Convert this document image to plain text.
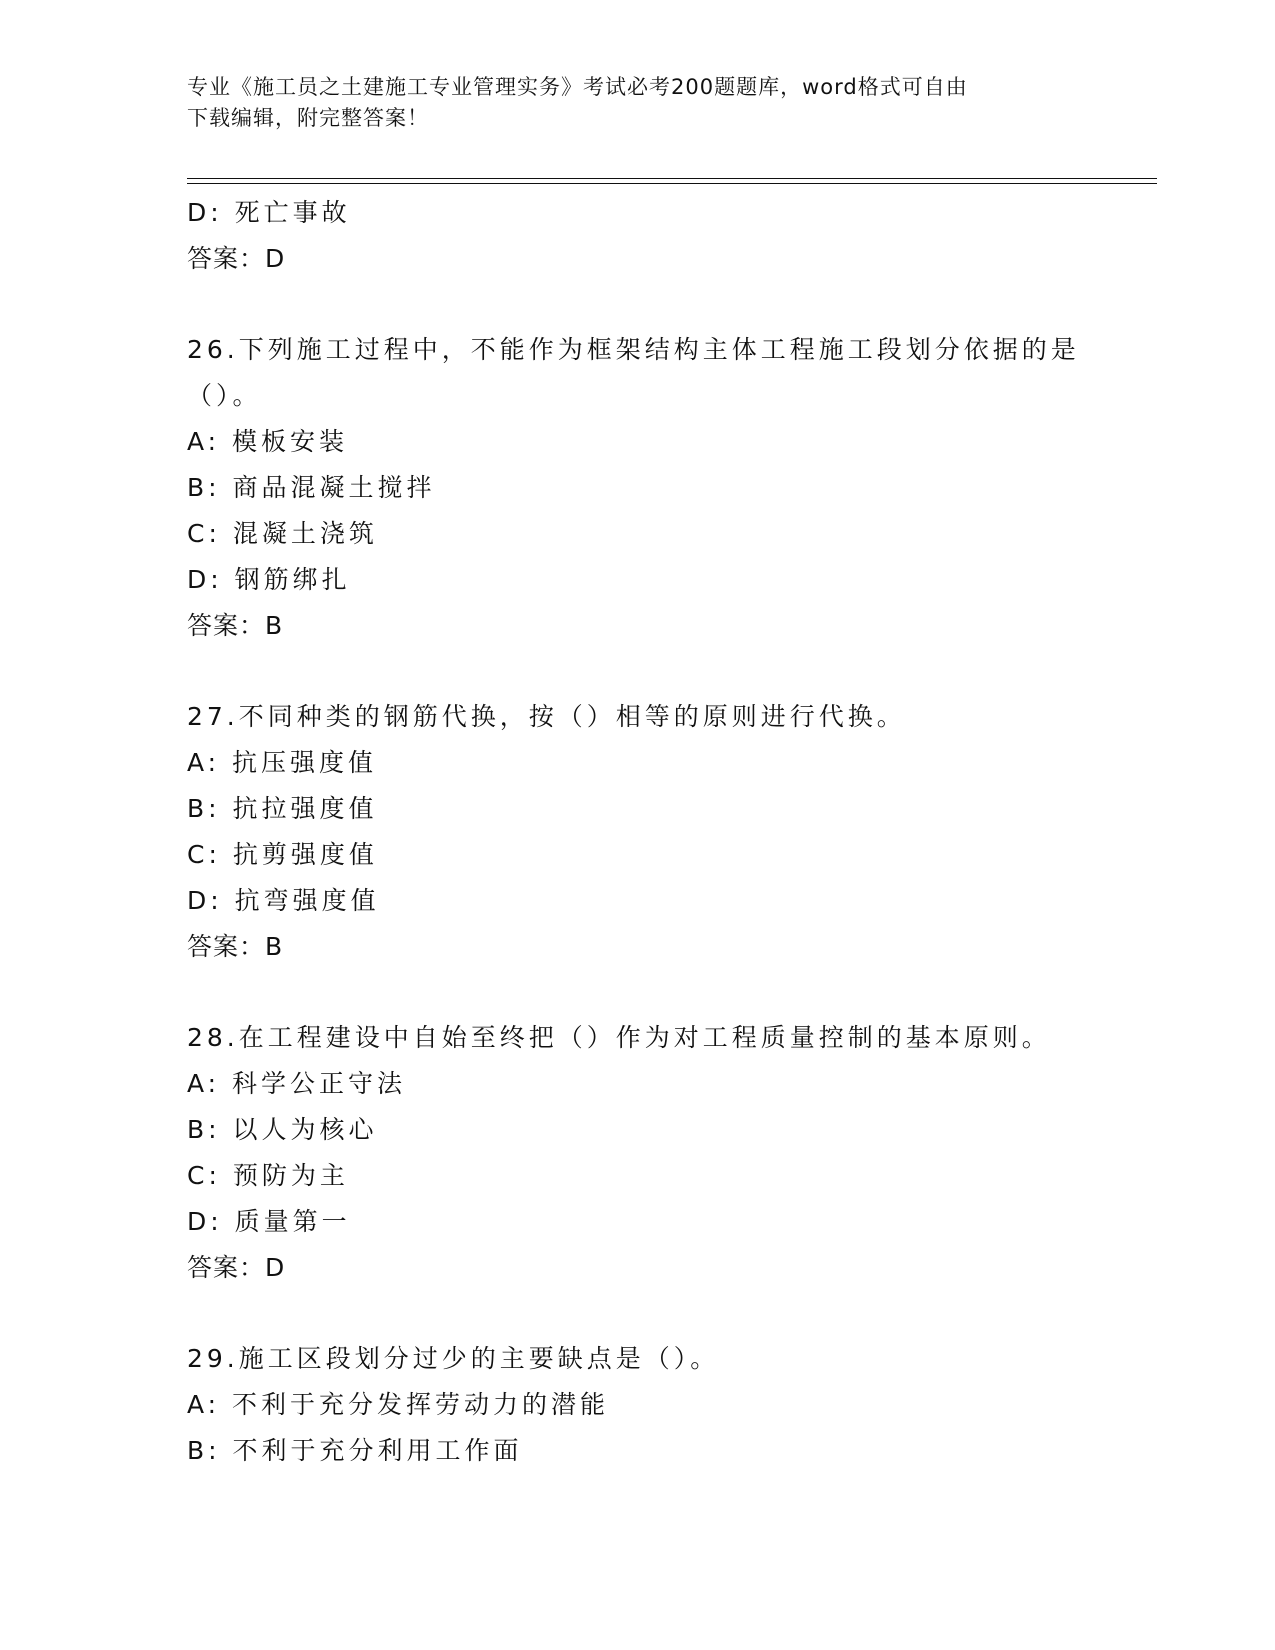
专业《施工员之土建施工专业管理实务》考试必考200题题库，word格式可自由
下载编辑，附完整答案！
D: 死亡事故
答案：D
26.下列施工过程中，不能作为框架结构主体工程施工段划分依据的是
（）。
A: 模板安装
B: 商品混凝土搅拌
C: 混凝土浇筑
D: 钢筋绑扎
答案：B
27.不同种类的钢筋代换，按（）相等的原则进行代换。
A: 抗压强度值
B: 抗拉强度值
C: 抗剪强度值
D: 抗弯强度值
答案：B
28.在工程建设中自始至终把（）作为对工程质量控制的基本原则。
A: 科学公正守法
B: 以人为核心
C: 预防为主
D: 质量第一
答案：D
29.施工区段划分过少的主要缺点是（）。
A: 不利于充分发挥劳动力的潜能
B: 不利于充分利用工作面
